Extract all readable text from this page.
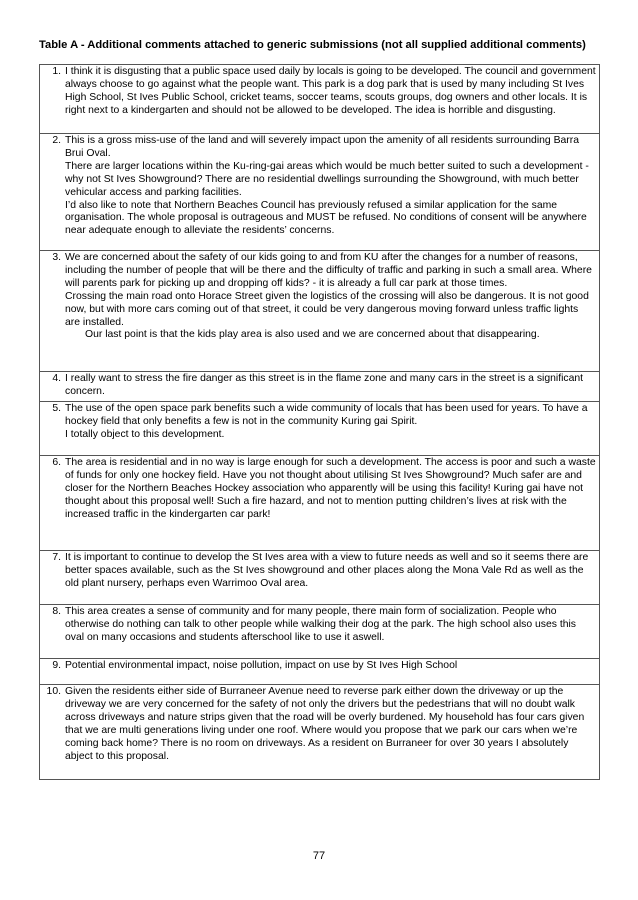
Table A - Additional comments attached to generic submissions (not all supplied additional comments)
1.	I think it is disgusting that a public space used daily by locals is going to be developed. The council and government always choose to go against what the people want. This park is a dog park that is used by many including St Ives High School, St Ives Public School, cricket teams, soccer teams, scouts groups, dog owners and other locals. It is right next to a kindergarten and should not be allowed to be developed. The idea is horrible and disgusting.

2.	This is a gross miss-use of the land and will severely impact upon the amenity of all residents surrounding Barra Brui Oval.

There are larger locations within the Ku-ring-gai areas which would be much better suited to such a development - why not St Ives Showground? There are no residential dwellings surrounding the Showground, with much better vehicular access and parking facilities.

I’d also like to note that Northern Beaches Council has previously refused a similar application for the same organisation. The whole proposal is outrageous and MUST be refused. No conditions of consent will be anywhere near adequate enough to alleviate the residents’ concerns.

3.	We are concerned about the safety of our kids going to and from KU after the changes for a number of reasons, including the number of people that will be there and the difficulty of traffic and parking in such a small area. Where will parents park for picking up and dropping off kids? - it is already a full car park at those times.

Crossing the main road onto Horace Street given the logistics of the crossing will also be dangerous. It is not good now, but with more cars coming out of that street, it could be very dangerous moving forward unless traffic lights are installed.

Our last point is that the kids play area is also used and we are concerned about that disappearing.

4.	I really want to stress the fire danger as this street is in the flame zone and many cars in the street is a significant concern.

5.	The use of the open space park benefits such a wide community of locals that has been used for years. To have a hockey field that only benefits a few is not in the community Kuring gai Spirit.

I totally object to this development.

6.	The area is residential and in no way is large enough for such a development. The access is poor and such a waste of funds for only one hockey field. Have you not thought about utilising St Ives Showground? Much safer are and closer for the Northern Beaches Hockey association who apparently will be using this facility! Kuring gai have not thought about this proposal well! Such a fire hazard, and not to mention putting children’s lives at risk with the increased traffic in the kindergarten car park!

7.	It is important to continue to develop the St Ives area with a view to future needs as well and so it seems there are better spaces available, such as the St Ives showground and other places along the Mona Vale Rd as well as the old plant nursery, perhaps even Warrimoo Oval area.

8.	This area creates a sense of community and for many people, there main form of socialization. People who otherwise do nothing can talk to other people while walking their dog at the park. The high school also uses this oval on many occasions and students afterschool like to use it aswell.

9.	Potential environmental impact, noise pollution, impact on use by St Ives High School

10.	Given the residents either side of Burraneer Avenue need to reverse park either down the driveway or up the driveway we are very concerned for the safety of not only the drivers but the pedestrians that will no doubt walk across driveways and nature strips given that the road will be overly burdened. My household has four cars given that we are multi generations living under one roof. Where would you propose that we park our cars when we’re coming back home? There is no room on driveways. As a resident on Burraneer for over 30 years I absolutely abject to this proposal.

77
